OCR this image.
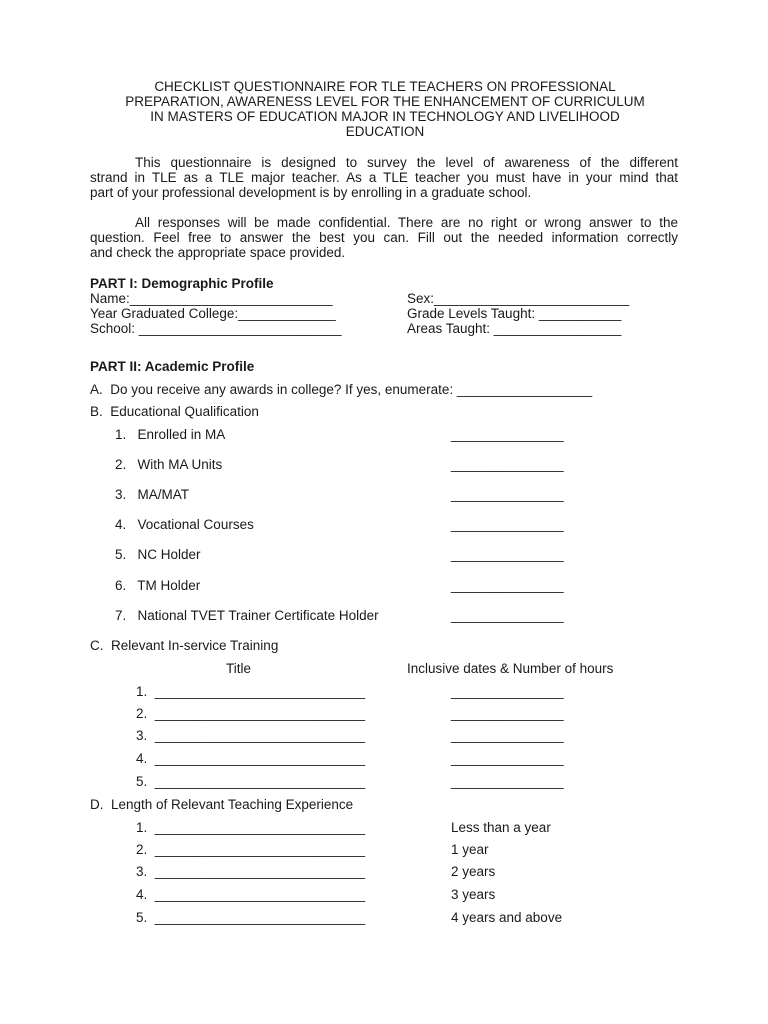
CHECKLIST QUESTIONNAIRE FOR TLE TEACHERS ON PROFESSIONAL
PREPARATION, AWARENESS LEVEL FOR THE ENHANCEMENT OF CURRICULUM
IN MASTERS OF EDUCATION MAJOR IN TECHNOLOGY AND LIVELIHOOD
EDUCATION
This questionnaire is designed to survey the level of awareness of the different
strand in TLE as a TLE major teacher. As a TLE teacher you must have in your mind that
part of your professional development is by enrolling in a graduate school.
All responses will be made confidential. There are no right or wrong answer to the
question. Feel free to answer the best you can. Fill out the needed information correctly
and check the appropriate space provided.
PART I: Demographic Profile
Name:___________________________	Sex:__________________________
Year Graduated College:_____________	Grade Levels Taught: ___________
School: ___________________________	Areas Taught: _________________
PART II: Academic Profile
A.  Do you receive any awards in college? If yes, enumerate: __________________
B.  Educational Qualification
1.   Enrolled in MA	_______________
2.   With MA Units	_______________
3.   MA/MAT	_______________
4.   Vocational Courses	_______________
5.   NC Holder	_______________
6.   TM Holder	_______________
7.   National TVET Trainer Certificate Holder	_______________
C.  Relevant In-service Training
Title	Inclusive dates & Number of hours
1.  ____________________________	_______________
2.  ____________________________	_______________
3.  ____________________________	_______________
4.  ____________________________	_______________
5.  ____________________________	_______________
D.  Length of Relevant Teaching Experience
1.  ____________________________	Less than a year
2.  ____________________________	1 year
3.  ____________________________	2 years
4.  ____________________________	3 years
5.  ____________________________	4 years and above
